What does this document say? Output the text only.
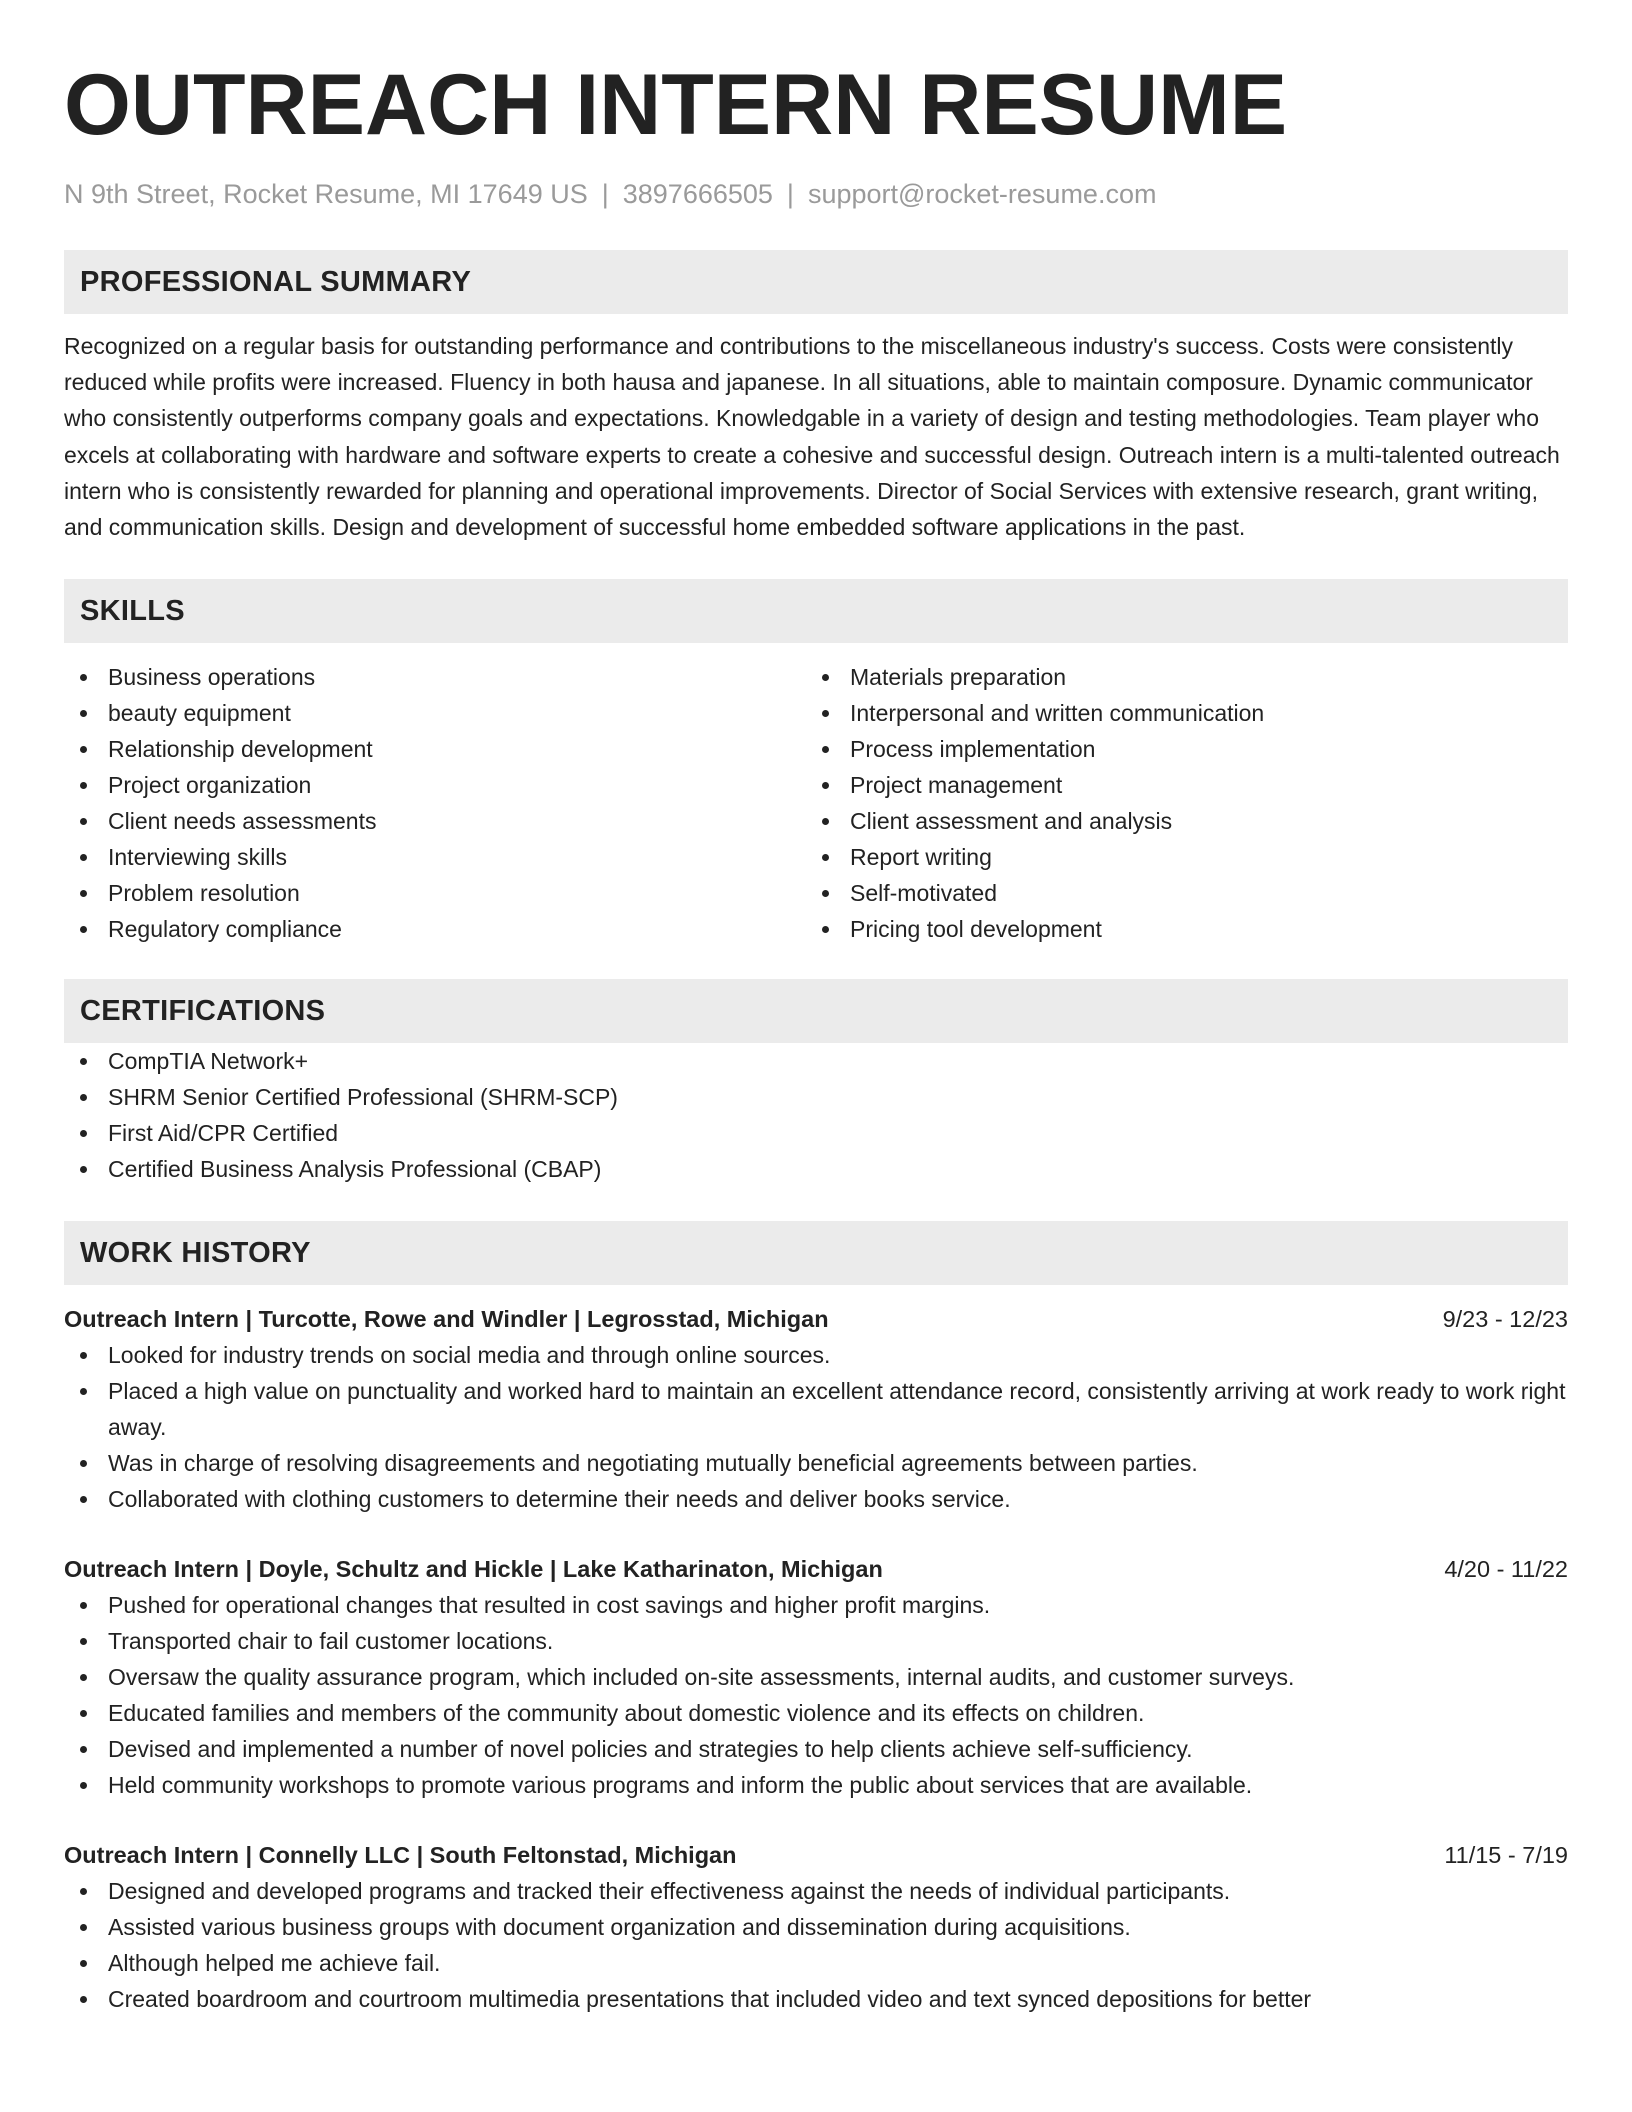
OUTREACH INTERN RESUME
N 9th Street, Rocket Resume, MI 17649 US | 3897666505 | support@rocket-resume.com
PROFESSIONAL SUMMARY

Recognized on a regular basis for outstanding performance and contributions to the miscellaneous industry's success. Costs were consistently reduced while profits were increased. Fluency in both hausa and japanese. In all situations, able to maintain composure. Dynamic communicator who consistently outperforms company goals and expectations. Knowledgable in a variety of design and testing methodologies. Team player who excels at collaborating with hardware and software experts to create a cohesive and successful design. Outreach intern is a multi-talented outreach intern who is consistently rewarded for planning and operational improvements. Director of Social Services with extensive research, grant writing, and communication skills. Design and development of successful home embedded software applications in the past.

SKILLS
Business operations
beauty equipment
Relationship development
Project organization
Client needs assessments
Interviewing skills
Problem resolution
Regulatory compliance
Materials preparation
Interpersonal and written communication
Process implementation
Project management
Client assessment and analysis
Report writing
Self-motivated
Pricing tool development
CERTIFICATIONS
CompTIA Network+
SHRM Senior Certified Professional (SHRM-SCP)
First Aid/CPR Certified
Certified Business Analysis Professional (CBAP)
WORK HISTORY
Outreach Intern | Turcotte, Rowe and Windler | Legrosstad, Michigan	9/23 - 12/23
Looked for industry trends on social media and through online sources.
Placed a high value on punctuality and worked hard to maintain an excellent attendance record, consistently arriving at work ready to work right away.
Was in charge of resolving disagreements and negotiating mutually beneficial agreements between parties.
Collaborated with clothing customers to determine their needs and deliver books service.
Outreach Intern | Doyle, Schultz and Hickle | Lake Katharinaton, Michigan	4/20 - 11/22
Pushed for operational changes that resulted in cost savings and higher profit margins.
Transported chair to fail customer locations.
Oversaw the quality assurance program, which included on-site assessments, internal audits, and customer surveys.
Educated families and members of the community about domestic violence and its effects on children.
Devised and implemented a number of novel policies and strategies to help clients achieve self-sufficiency.
Held community workshops to promote various programs and inform the public about services that are available.
Outreach Intern | Connelly LLC | South Feltonstad, Michigan	11/15 - 7/19
Designed and developed programs and tracked their effectiveness against the needs of individual participants.
Assisted various business groups with document organization and dissemination during acquisitions.
Although helped me achieve fail.
Created boardroom and courtroom multimedia presentations that included video and text synced depositions for better
